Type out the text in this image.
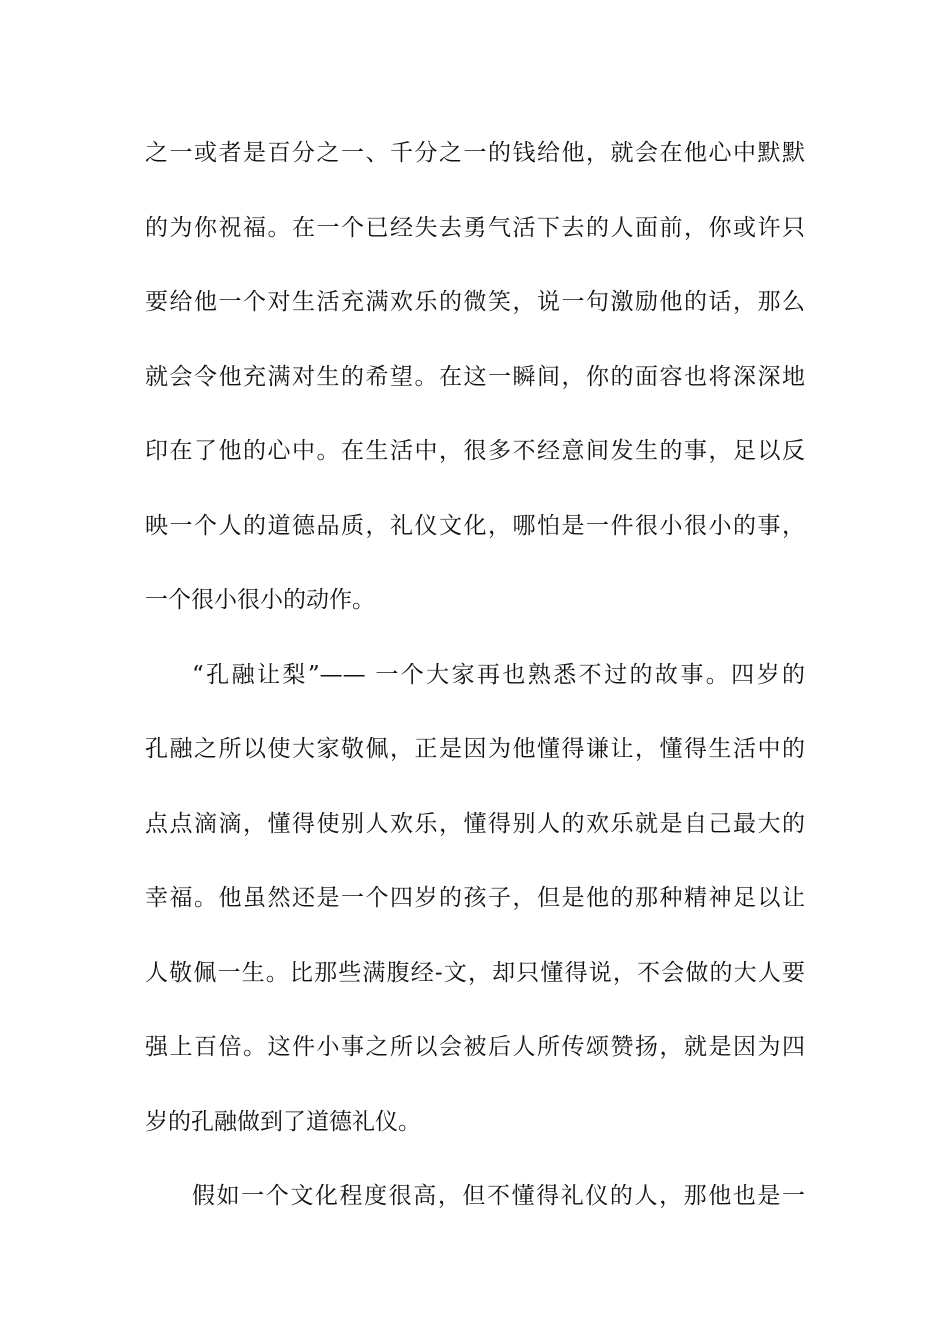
之一或者是百分之一、千分之一的钱给他，就会在他心中默默
的为你祝福。在一个已经失去勇气活下去的人面前，你或许只
要给他一个对生活充满欢乐的微笑，说一句激励他的话，那么
就会令他充满对生的希望。在这一瞬间，你的面容也将深深地
印在了他的心中。在生活中，很多不经意间发生的事，足以反
映一个人的道德品质，礼仪文化，哪怕是一件很小很小的事，
一个很小很小的动作。
“孔融让梨”—— 一个大家再也熟悉不过的故事。四岁的
孔融之所以使大家敬佩，正是因为他懂得谦让，懂得生活中的
点点滴滴，懂得使别人欢乐，懂得别人的欢乐就是自己最大的
幸福。他虽然还是一个四岁的孩子，但是他的那种精神足以让
人敬佩一生。比那些满腹经-文，却只懂得说，不会做的大人要
强上百倍。这件小事之所以会被后人所传颂赞扬，就是因为四
岁的孔融做到了道德礼仪。
假如一个文化程度很高，但不懂得礼仪的人，那他也是一
